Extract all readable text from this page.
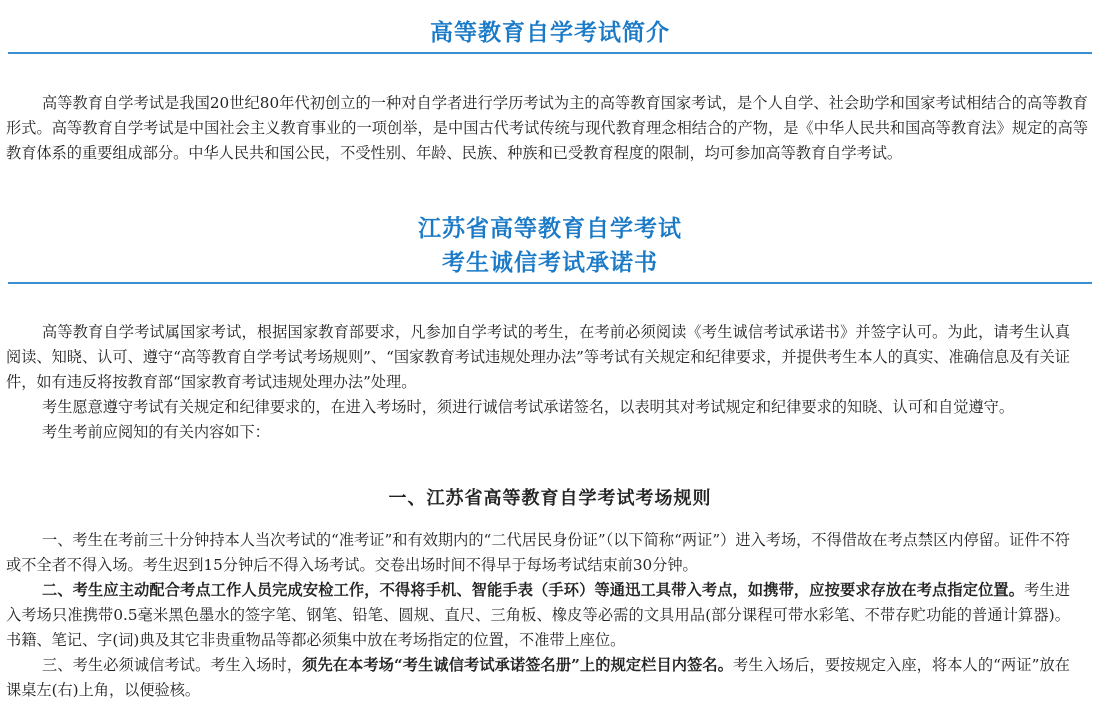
高等教育自学考试简介

高等教育自学考试是我国20世纪80年代初创立的一种对自学者进行学历考试为主的高等教育国家考试，是个人自学、社会助学和国家考试相结合的高等教育形式。高等教育自学考试是中国社会主义教育事业的一项创举，是中国古代考试传统与现代教育理念相结合的产物，是《中华人民共和国高等教育法》规定的高等教育体系的重要组成部分。中华人民共和国公民，不受性别、年龄、民族、种族和已受教育程度的限制，均可参加高等教育自学考试。

江苏省高等教育自学考试
考生诚信考试承诺书

高等教育自学考试属国家考试，根据国家教育部要求，凡参加自学考试的考生，在考前必须阅读《考生诚信考试承诺书》并签字认可。为此，请考生认真阅读、知晓、认可、遵守“高等教育自学考试考场规则”、“国家教育考试违规处理办法”等考试有关规定和纪律要求，并提供考生本人的真实、准确信息及有关证件，如有违反将按教育部“国家教育考试违规处理办法”处理。

考生愿意遵守考试有关规定和纪律要求的，在进入考场时，须进行诚信考试承诺签名，以表明其对考试规定和纪律要求的知晓、认可和自觉遵守。

考生考前应阅知的有关内容如下：

一、江苏省高等教育自学考试考场规则

一、考生在考前三十分钟持本人当次考试的“准考证”和有效期内的“二代居民身份证”（以下简称“两证”）进入考场，不得借故在考点禁区内停留。证件不符或不全者不得入场。考生迟到15分钟后不得入场考试。交卷出场时间不得早于每场考试结束前30分钟。

二、考生应主动配合考点工作人员完成安检工作，不得将手机、智能手表（手环）等通迅工具带入考点，如携带，应按要求存放在考点指定位置。考生进入考场只准携带0.5毫米黑色墨水的签字笔、钢笔、铅笔、圆规、直尺、三角板、橡皮等必需的文具用品(部分课程可带水彩笔、不带存贮功能的普通计算器)。书籍、笔记、字(词)典及其它非贵重物品等都必须集中放在考场指定的位置，不准带上座位。

三、考生必须诚信考试。考生入场时，须先在本考场“考生诚信考试承诺签名册”上的规定栏目内签名。考生入场后，要按规定入座，将本人的“两证”放在课桌左(右)上角，以便验核。
